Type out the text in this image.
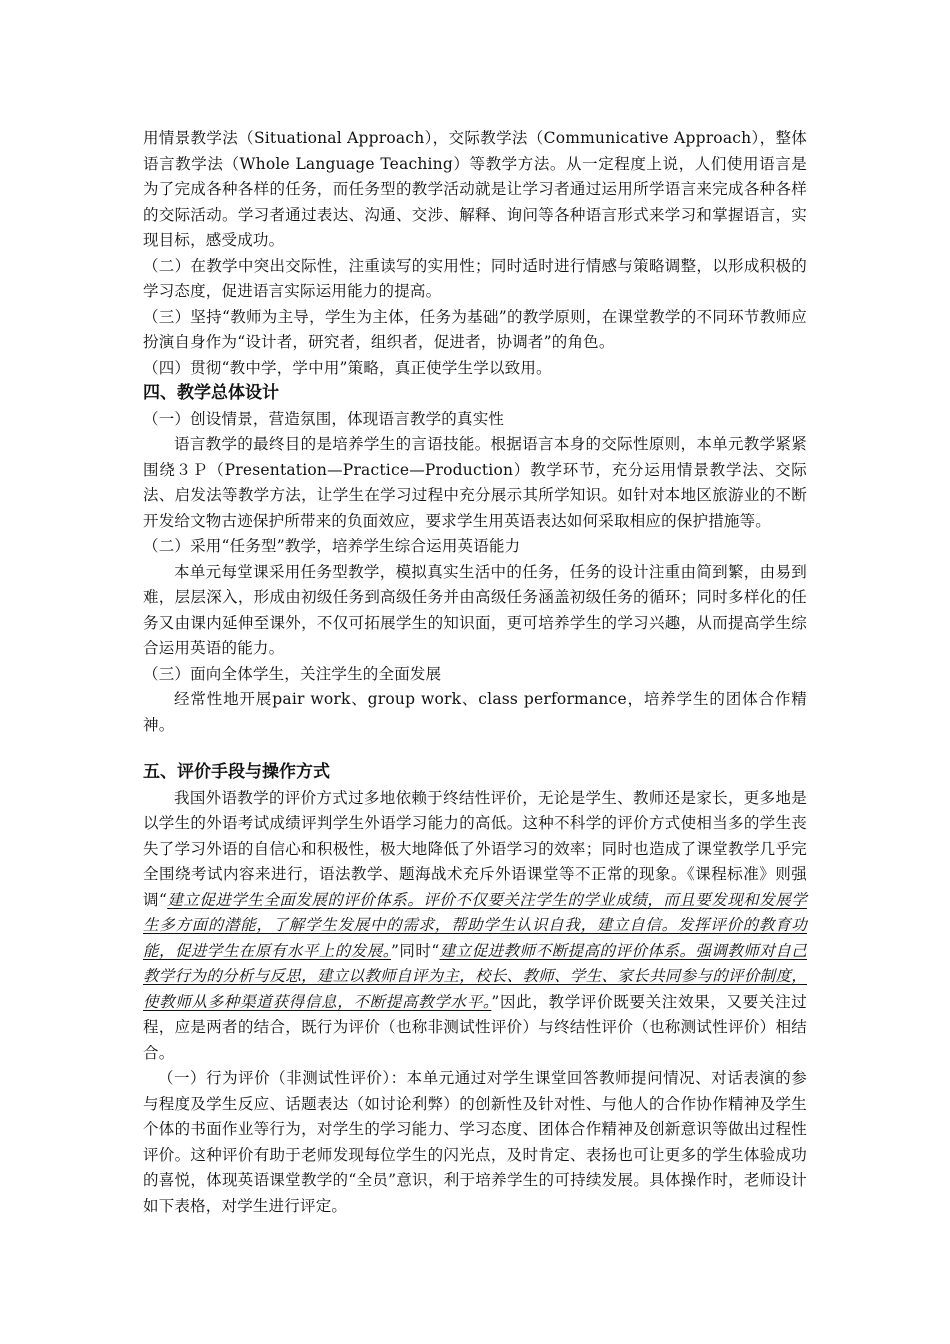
用情景教学法（Situational Approach），交际教学法（Communicative Approach），整体语言教学法（Whole Language Teaching）等教学方法。从一定程度上说，人们使用语言是为了完成各种各样的任务，而任务型的教学活动就是让学习者通过运用所学语言来完成各种各样的交际活动。学习者通过表达、沟通、交涉、解释、询问等各种语言形式来学习和掌握语言，实现目标，感受成功。

（二）在教学中突出交际性，注重读写的实用性；同时适时进行情感与策略调整，以形成积极的学习态度，促进语言实际运用能力的提高。

（三）坚持“教师为主导，学生为主体，任务为基础”的教学原则，在课堂教学的不同环节教师应扮演自身作为“设计者，研究者，组织者，促进者，协调者”的角色。

（四）贯彻“教中学，学中用”策略，真正使学生学以致用。

四、教学总体设计

（一）创设情景，营造氛围，体现语言教学的真实性

语言教学的最终目的是培养学生的言语技能。根据语言本身的交际性原则，本单元教学紧紧围绕３Ｐ（Presentation—Practice—Production）教学环节，充分运用情景教学法、交际法、启发法等教学方法，让学生在学习过程中充分展示其所学知识。如针对本地区旅游业的不断开发给文物古迹保护所带来的负面效应，要求学生用英语表达如何采取相应的保护措施等。

（二）采用“任务型”教学，培养学生综合运用英语能力

本单元每堂课采用任务型教学，模拟真实生活中的任务，任务的设计注重由简到繁，由易到难，层层深入，形成由初级任务到高级任务并由高级任务涵盖初级任务的循环；同时多样化的任务又由课内延伸至课外，不仅可拓展学生的知识面，更可培养学生的学习兴趣，从而提高学生综合运用英语的能力。

（三）面向全体学生，关注学生的全面发展

经常性地开展pair work、group work、class performance，培养学生的团体合作精神。

五、评价手段与操作方式

我国外语教学的评价方式过多地依赖于终结性评价，无论是学生、教师还是家长，更多地是以学生的外语考试成绩评判学生外语学习能力的高低。这种不科学的评价方式使相当多的学生丧失了学习外语的自信心和积极性，极大地降低了外语学习的效率；同时也造成了课堂教学几乎完全围绕考试内容来进行，语法教学、题海战术充斥外语课堂等不正常的现象。《课程标准》则强调“建立促进学生全面发展的评价体系。评价不仅要关注学生的学业成绩，而且要发现和发展学生多方面的潜能，了解学生发展中的需求，帮助学生认识自我，建立自信。发挥评价的教育功能，促进学生在原有水平上的发展。”同时“建立促进教师不断提高的评价体系。强调教师对自己教学行为的分析与反思，建立以教师自评为主，校长、教师、学生、家长共同参与的评价制度，使教师从多种渠道获得信息，不断提高教学水平。”因此，教学评价既要关注效果，又要关注过程，应是两者的结合，既行为评价（也称非测试性评价）与终结性评价（也称测试性评价）相结合。

（一）行为评价（非测试性评价）：本单元通过对学生课堂回答教师提问情况、对话表演的参与程度及学生反应、话题表达（如讨论利弊）的创新性及针对性、与他人的合作协作精神及学生个体的书面作业等行为，对学生的学习能力、学习态度、团体合作精神及创新意识等做出过程性评价。这种评价有助于老师发现每位学生的闪光点，及时肯定、表扬也可让更多的学生体验成功的喜悦，体现英语课堂教学的“全员”意识，利于培养学生的可持续发展。具体操作时，老师设计如下表格，对学生进行评定。
